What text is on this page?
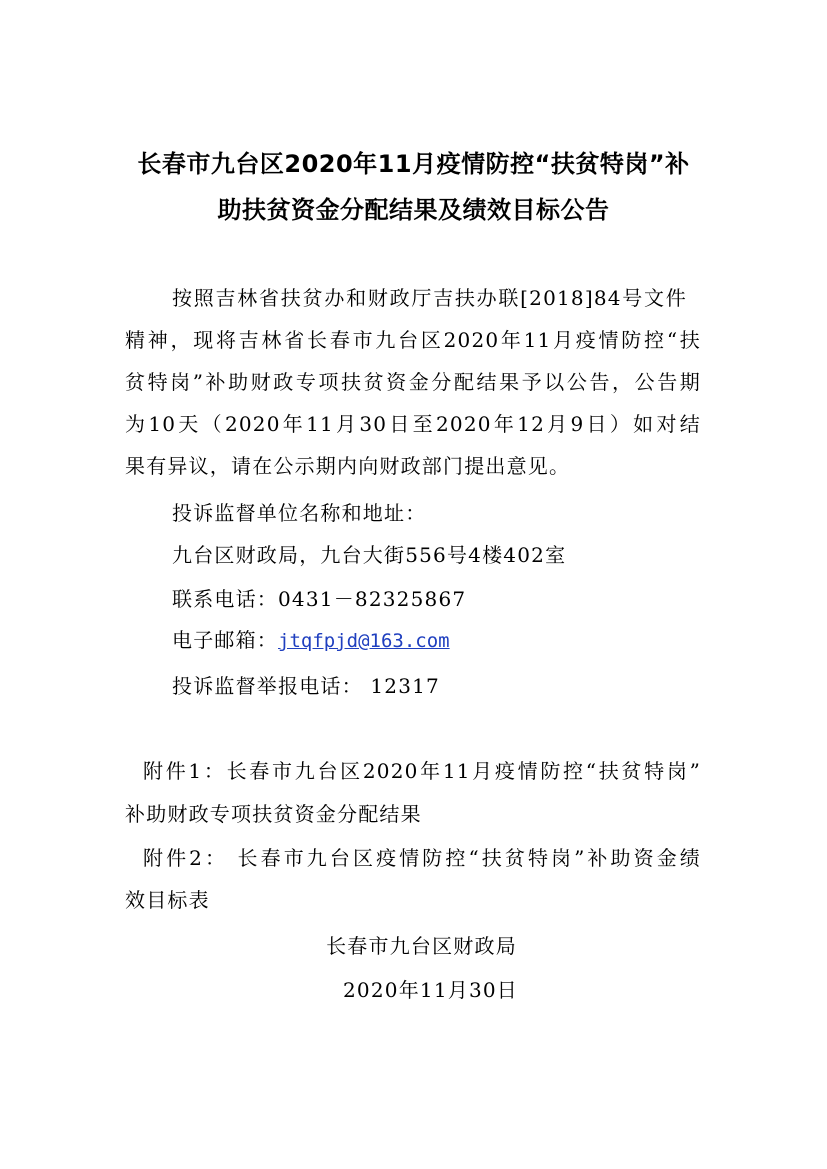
长春市九台区2020年11月疫情防控“扶贫特岗”补
助扶贫资金分配结果及绩效目标公告
按照吉林省扶贫办和财政厅吉扶办联[2018]84号文件
精神，现将吉林省长春市九台区2020年11月疫情防控“扶
贫特岗”补助财政专项扶贫资金分配结果予以公告，公告期
为10天（2020年11月30日至2020年12月9日）如对结
果有异议，请在公示期内向财政部门提出意见。
投诉监督单位名称和地址：
九台区财政局，九台大街556号4楼402室
联系电话：0431－82325867
电子邮箱：jtqfpjd@163.com
投诉监督举报电话： 12317
附件1：长春市九台区2020年11月疫情防控“扶贫特岗”
补助财政专项扶贫资金分配结果
附件2： 长春市九台区疫情防控“扶贫特岗”补助资金绩
效目标表
长春市九台区财政局
2020年11月30日
